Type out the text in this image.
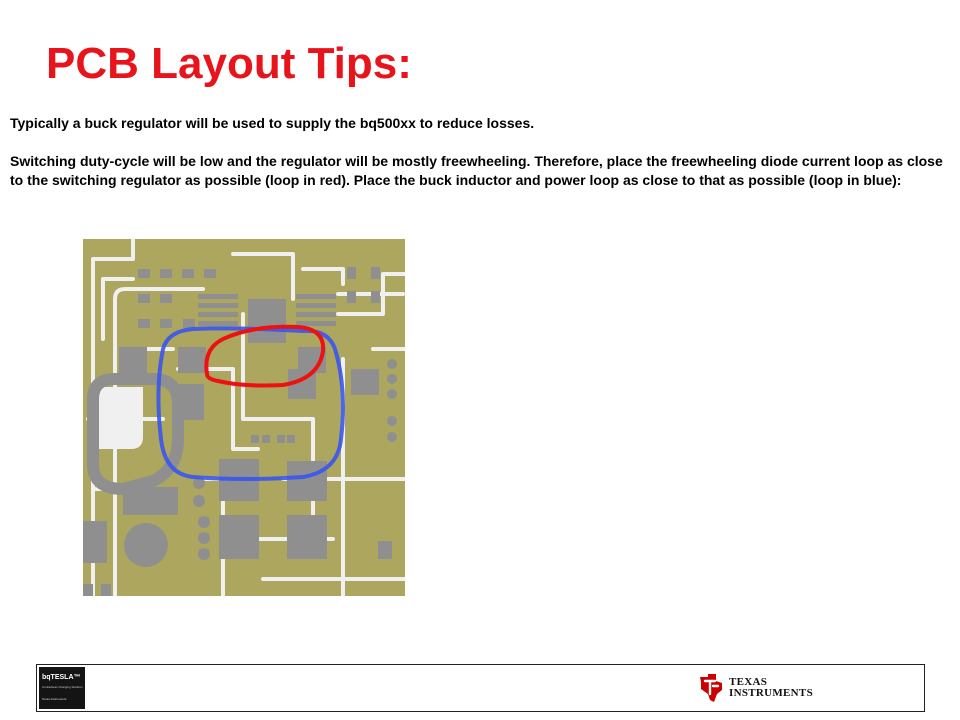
PCB Layout Tips:

Typically a buck regulator will be used to supply the bq500xx to reduce losses.

Switching duty-cycle will be low and the regulator will be mostly freewheeling. Therefore, place the freewheeling diode current loop as close to the switching regulator as possible (loop in red). Place the buck inductor and power loop as close to that as possible (loop in blue):

bqTESLA™
Contactless Charging Solution
Texas Instruments
TEXAS
INSTRUMENTS
